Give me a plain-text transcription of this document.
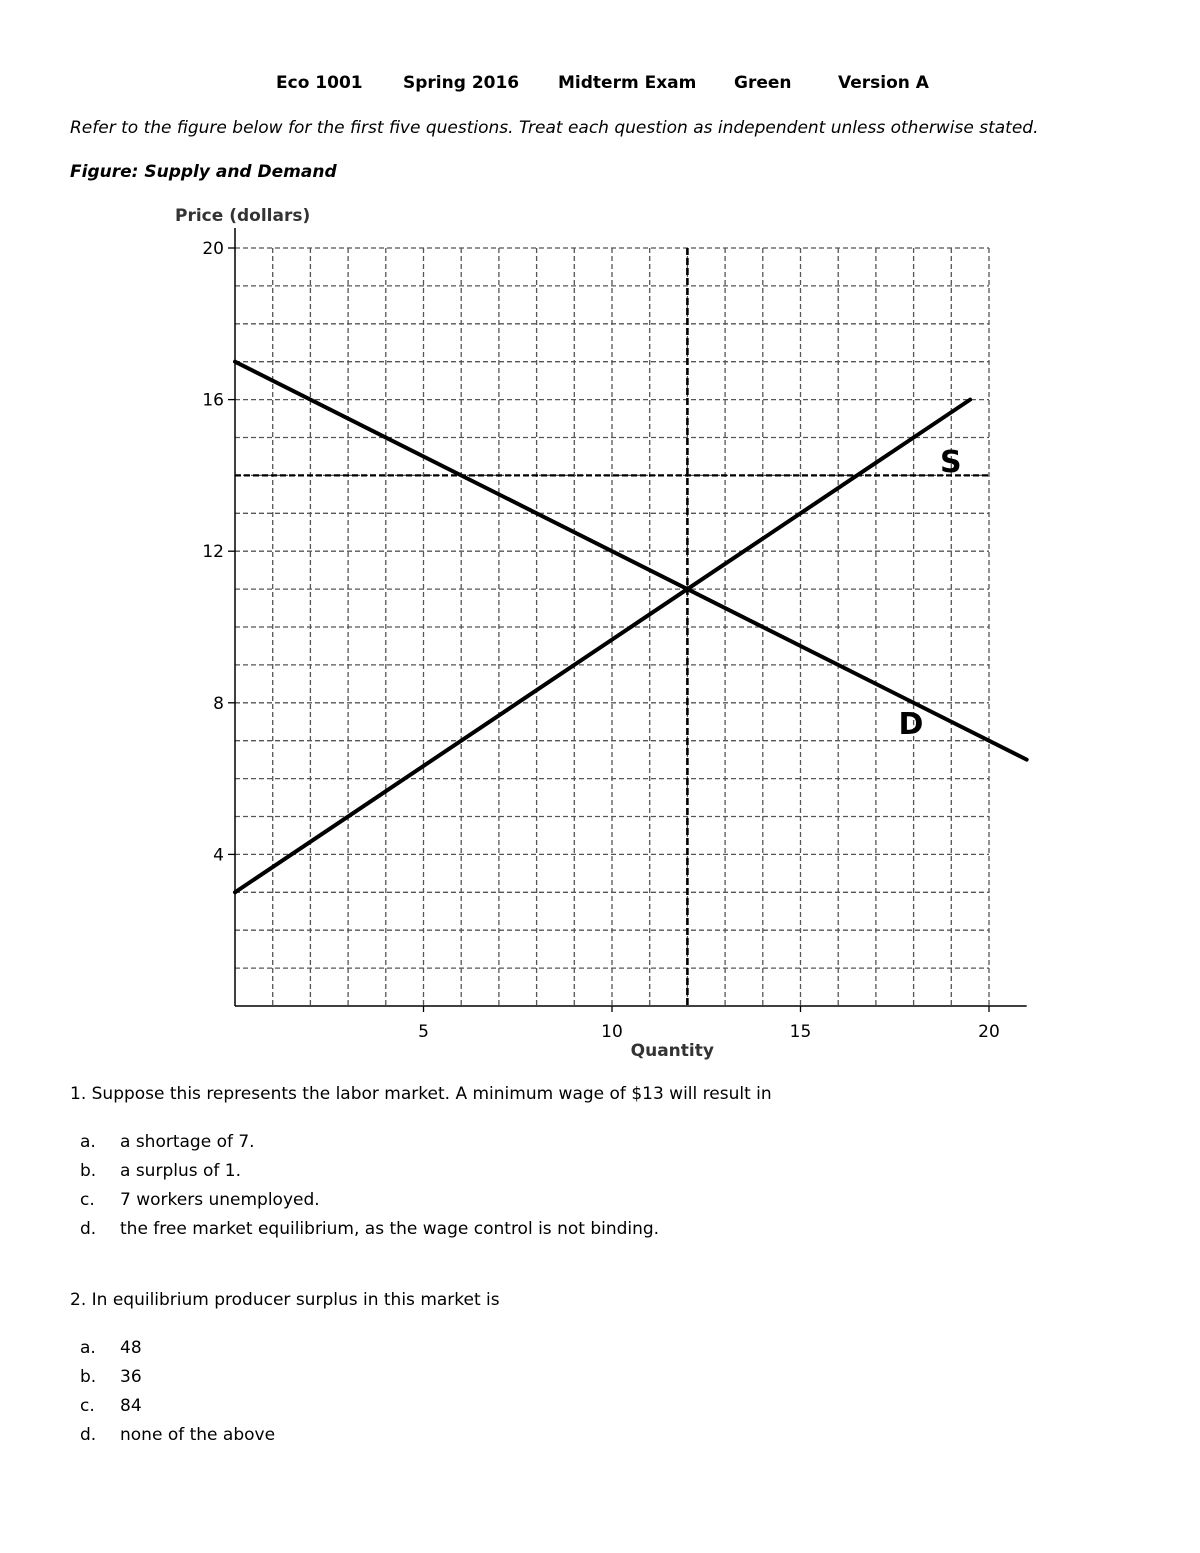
Eco 1001 Spring 2016 Midterm Exam Green	Version A
Refer to the figure below for the first five questions. Treat each question as independent unless otherwise stated.
Figure: Supply and Demand
4
8
12
16
20
5	10	15	20
Price (dollars)
Quantity
S
D
1. Suppose this represents the labor market. A minimum wage of $13 will result in
a. a shortage of 7.
b. a surplus of 1.
c. 7 workers unemployed.
d. the free market equilibrium, as the wage control is not binding.
2. In equilibrium producer surplus in this market is
a. 48
b. 36
c. 84
d. none of the above
